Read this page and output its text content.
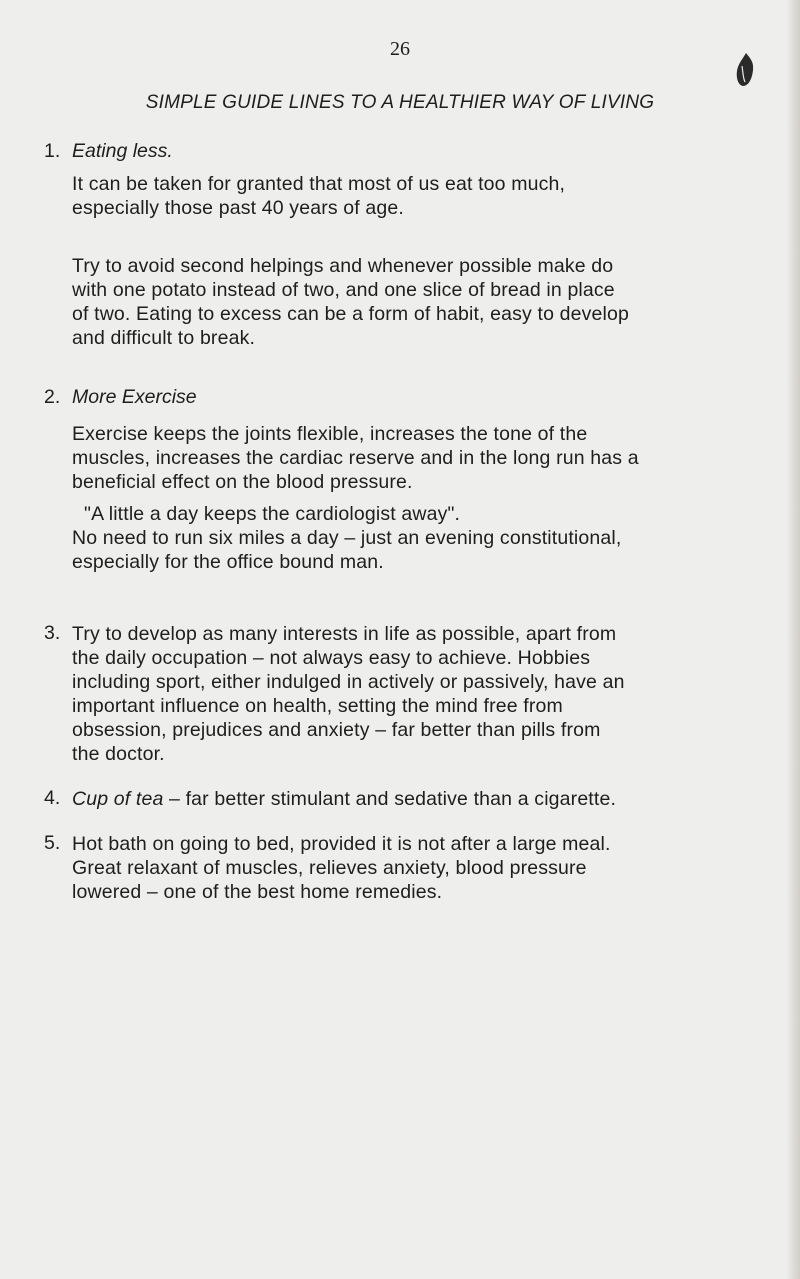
26
SIMPLE GUIDE LINES TO A HEALTHIER WAY OF LIVING
1. Eating less.
It can be taken for granted that most of us eat too much,
especially those past 40 years of age.
Try to avoid second helpings and whenever possible make do
with one potato instead of two, and one slice of bread in place
of two. Eating to excess can be a form of habit, easy to develop
and difficult to break.
2. More Exercise
Exercise keeps the joints flexible, increases the tone of the
muscles, increases the cardiac reserve and in the long run has a
beneficial effect on the blood pressure.
"A little a day keeps the cardiologist away".
No need to run six miles a day – just an evening constitutional,
especially for the office bound man.
3. Try to develop as many interests in life as possible, apart from
the daily occupation – not always easy to achieve. Hobbies
including sport, either indulged in actively or passively, have an
important influence on health, setting the mind free from
obsession, prejudices and anxiety – far better than pills from
the doctor.
4. Cup of tea – far better stimulant and sedative than a cigarette.
5. Hot bath on going to bed, provided it is not after a large meal.
Great relaxant of muscles, relieves anxiety, blood pressure
lowered – one of the best home remedies.
